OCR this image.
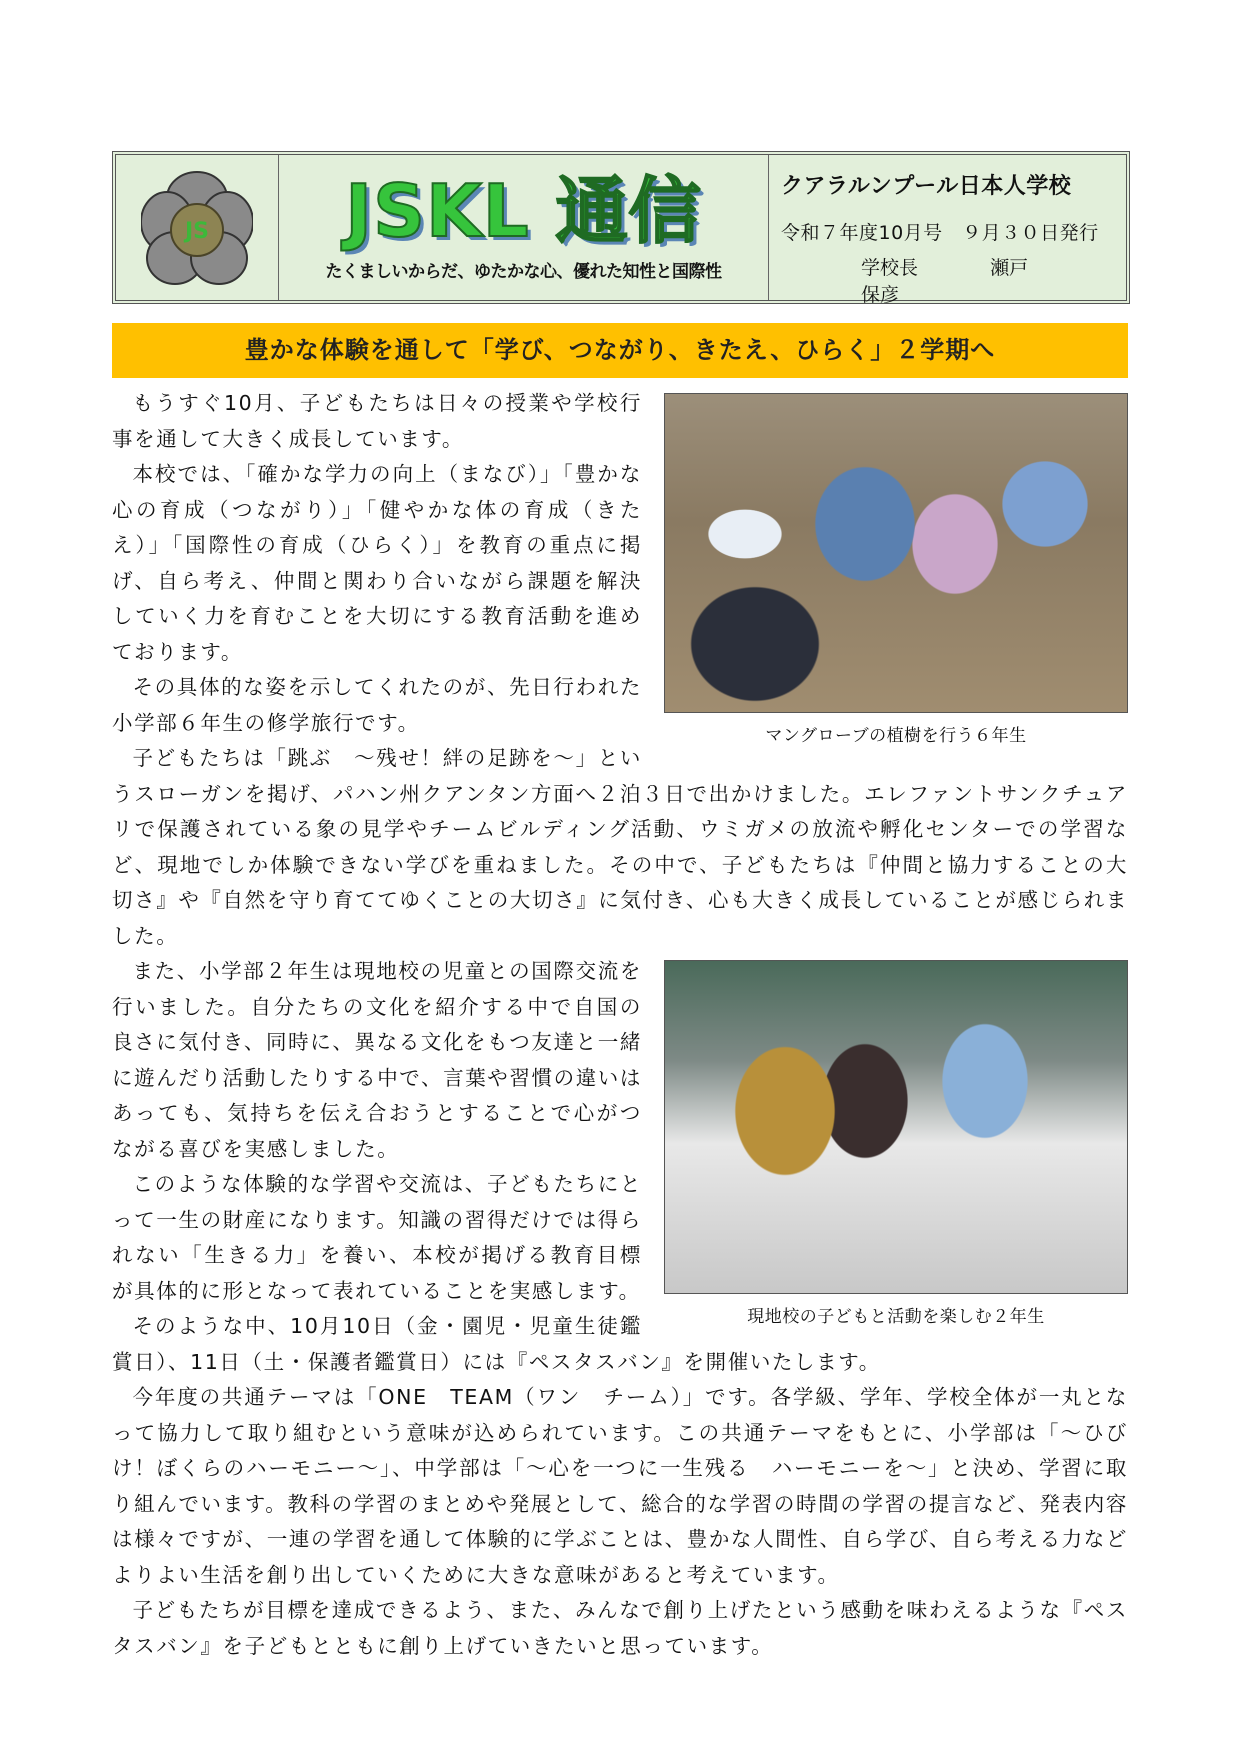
JS	JSKL 通信
たくましいからだ、ゆたかな心、優れた知性と国際性
クアラルンプール日本人学校
令和７年度10月号　９月３０日発行
学校長	瀬戸 保彦
豊かな体験を通して「学び、つながり、きたえ、ひらく」２学期へ
マングローブの植樹を行う６年生

もうすぐ10月、子どもたちは日々の授業や学校行事を通して大きく成長しています。

本校では、「確かな学力の向上（まなび）」「豊かな心の育成（つながり）」「健やかな体の育成（きたえ）」「国際性の育成（ひらく）」を教育の重点に掲げ、自ら考え、仲間と関わり合いながら課題を解決していく力を育むことを大切にする教育活動を進めております。

その具体的な姿を示してくれたのが、先日行われた小学部６年生の修学旅行です。

子どもたちは「跳ぶ　～残せ！絆の足跡を～」というスローガンを掲げ、パハン州クアンタン方面へ２泊３日で出かけました。エレファントサンクチュアリで保護されている象の見学やチームビルディング活動、ウミガメの放流や孵化センターでの学習など、現地でしか体験できない学びを重ねました。その中で、子どもたちは『仲間と協力することの大切さ』や『自然を守り育ててゆくことの大切さ』に気付き、心も大きく成長していることが感じられました。

現地校の子どもと活動を楽しむ２年生

また、小学部２年生は現地校の児童との国際交流を行いました。自分たちの文化を紹介する中で自国の良さに気付き、同時に、異なる文化をもつ友達と一緒に遊んだり活動したりする中で、言葉や習慣の違いはあっても、気持ちを伝え合おうとすることで心がつながる喜びを実感しました。

このような体験的な学習や交流は、子どもたちにとって一生の財産になります。知識の習得だけでは得られない「生きる力」を養い、本校が掲げる教育目標が具体的に形となって表れていることを実感します。

そのような中、10月10日（金・園児・児童生徒鑑賞日）、11日（土・保護者鑑賞日）には『ペスタスバン』を開催いたします。

今年度の共通テーマは「ONE　TEAM（ワン　チーム）」です。各学級、学年、学校全体が一丸となって協力して取り組むという意味が込められています。この共通テーマをもとに、小学部は「～ひびけ！ぼくらのハーモニー～」、中学部は「～心を一つに一生残る　ハーモニーを～」と決め、学習に取り組んでいます。教科の学習のまとめや発展として、総合的な学習の時間の学習の提言など、発表内容は様々ですが、一連の学習を通して体験的に学ぶことは、豊かな人間性、自ら学び、自ら考える力などよりよい生活を創り出していくために大きな意味があると考えています。

子どもたちが目標を達成できるよう、また、みんなで創り上げたという感動を味わえるような『ペスタスバン』を子どもとともに創り上げていきたいと思っています。
